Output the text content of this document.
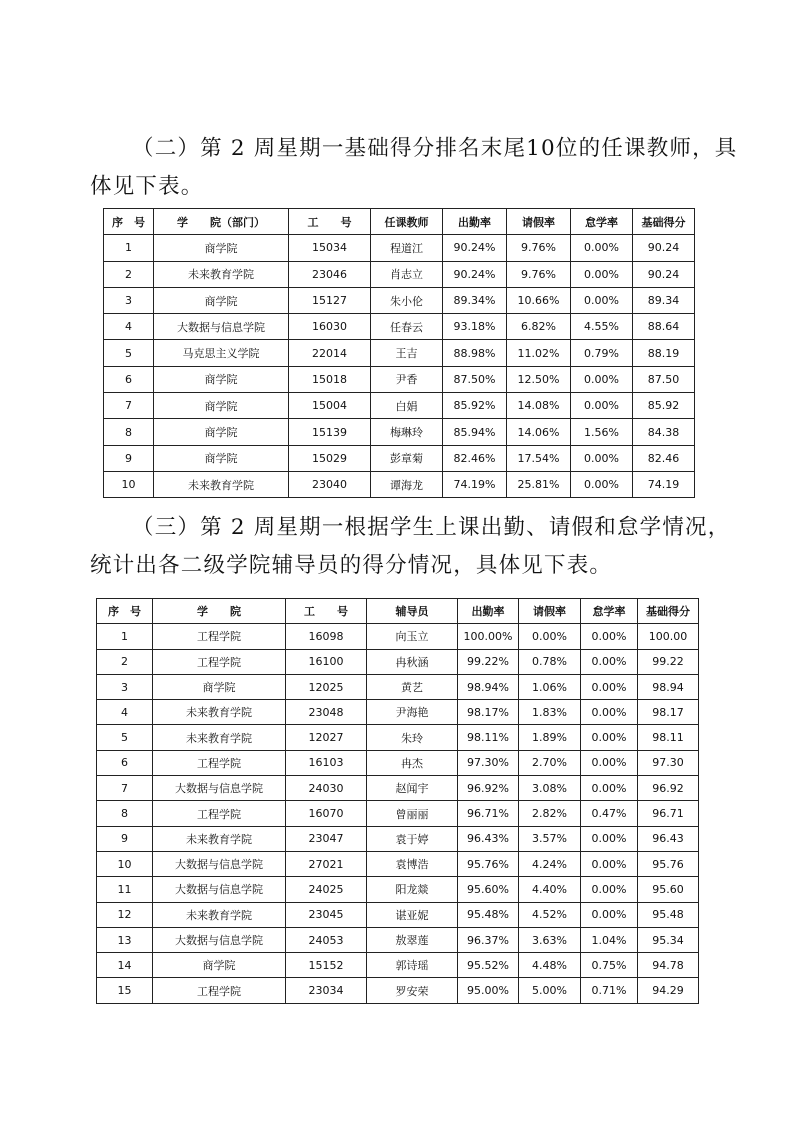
（二）第 2 周星期一基础得分排名末尾10位的任课教师，具

体见下表。

序　号	学　　院（部门）	工　　号	任课教师	出勤率	请假率	怠学率	基础得分
1	商学院	15034	程道江	90.24%	9.76%	0.00%	90.24
2	未来教育学院	23046	肖志立	90.24%	9.76%	0.00%	90.24
3	商学院	15127	朱小伦	89.34%	10.66%	0.00%	89.34
4	大数据与信息学院	16030	任春云	93.18%	6.82%	4.55%	88.64
5	马克思主义学院	22014	王吉	88.98%	11.02%	0.79%	88.19
6	商学院	15018	尹香	87.50%	12.50%	0.00%	87.50
7	商学院	15004	白娟	85.92%	14.08%	0.00%	85.92
8	商学院	15139	梅琳玲	85.94%	14.06%	1.56%	84.38
9	商学院	15029	彭章菊	82.46%	17.54%	0.00%	82.46
10	未来教育学院	23040	谭海龙	74.19%	25.81%	0.00%	74.19

（三）第 2 周星期一根据学生上课出勤、请假和怠学情况，

统计出各二级学院辅导员的得分情况，具体见下表。

序　号	学　　院	工　　号	辅导员	出勤率	请假率	怠学率	基础得分
1	工程学院	16098	向玉立	100.00%	0.00%	0.00%	100.00
2	工程学院	16100	冉秋涵	99.22%	0.78%	0.00%	99.22
3	商学院	12025	黄艺	98.94%	1.06%	0.00%	98.94
4	未来教育学院	23048	尹海艳	98.17%	1.83%	0.00%	98.17
5	未来教育学院	12027	朱玲	98.11%	1.89%	0.00%	98.11
6	工程学院	16103	冉杰	97.30%	2.70%	0.00%	97.30
7	大数据与信息学院	24030	赵闻宇	96.92%	3.08%	0.00%	96.92
8	工程学院	16070	曾丽丽	96.71%	2.82%	0.47%	96.71
9	未来教育学院	23047	袁于婷	96.43%	3.57%	0.00%	96.43
10	大数据与信息学院	27021	袁博浩	95.76%	4.24%	0.00%	95.76
11	大数据与信息学院	24025	阳龙燚	95.60%	4.40%	0.00%	95.60
12	未来教育学院	23045	谌亚妮	95.48%	4.52%	0.00%	95.48
13	大数据与信息学院	24053	敖翠莲	96.37%	3.63%	1.04%	95.34
14	商学院	15152	郭诗瑶	95.52%	4.48%	0.75%	94.78
15	工程学院	23034	罗安荣	95.00%	5.00%	0.71%	94.29
